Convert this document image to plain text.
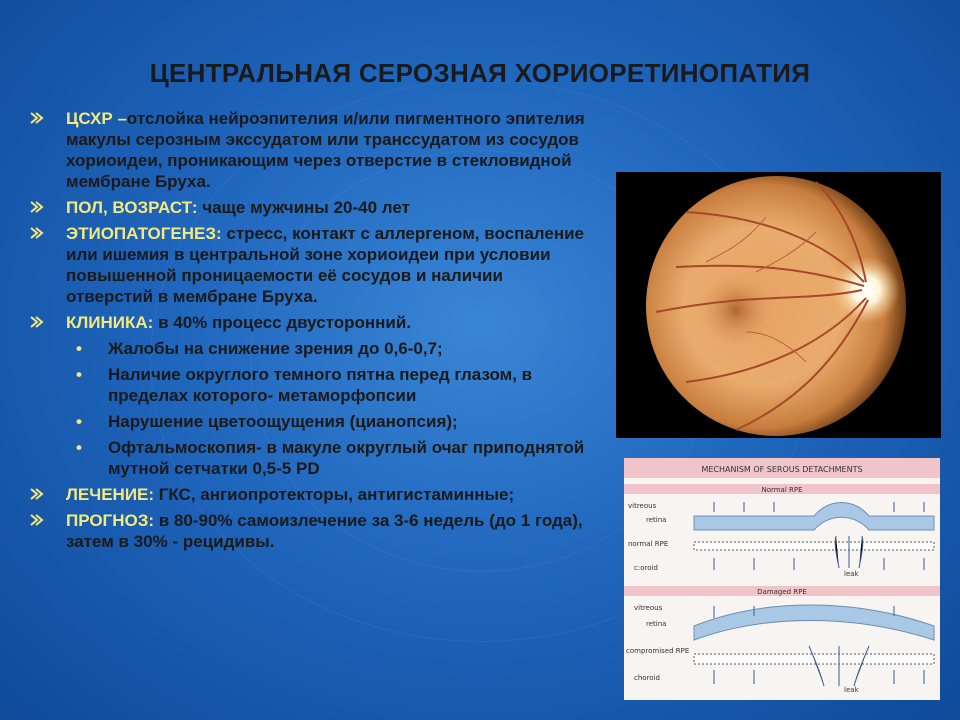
ЦЕНТРАЛЬНАЯ СЕРОЗНАЯ ХОРИОРЕТИНОПАТИЯ
ЦСХР –отслойка нейроэпителия и/или пигментного эпителия макулы серозным экссудатом или транссудатом из сосудов хориоидеи, проникающим через отверстие в стекловидной мембране Бруха.
ПОЛ, ВОЗРАСТ: чаще мужчины 20-40 лет
ЭТИОПАТОГЕНЕЗ: стресс, контакт с аллергеном, воспаление или ишемия в центральной зоне хориоидеи при условии повышенной проницаемости её сосудов и наличии отверстий в мембране Бруха.
КЛИНИКА: в 40% процесс двусторонний.
• Жалобы на снижение зрения до 0,6-0,7;
• Наличие округлого темного пятна перед глазом, в пределах которого- метаморфопсии
• Нарушение цветоощущения (цианопсия);
• Офтальмоскопия- в макуле округлый очаг приподнятой мутной сетчатки 0,5-5 PD
ЛЕЧЕНИЕ: ГКС, ангиопротекторы, антигистаминные;
ПРОГНОЗ: в 80-90% самоизлечение за 3-6 недель (до 1 года), затем в 30% - рецидивы.
MECHANISM OF SEROUS DETACHMENTS
Normal RPE
Damaged RPE
vitreous
retina
normal RPE
c:oroid
leak
vitreous
retina
compromised RPE
choroid
leak
